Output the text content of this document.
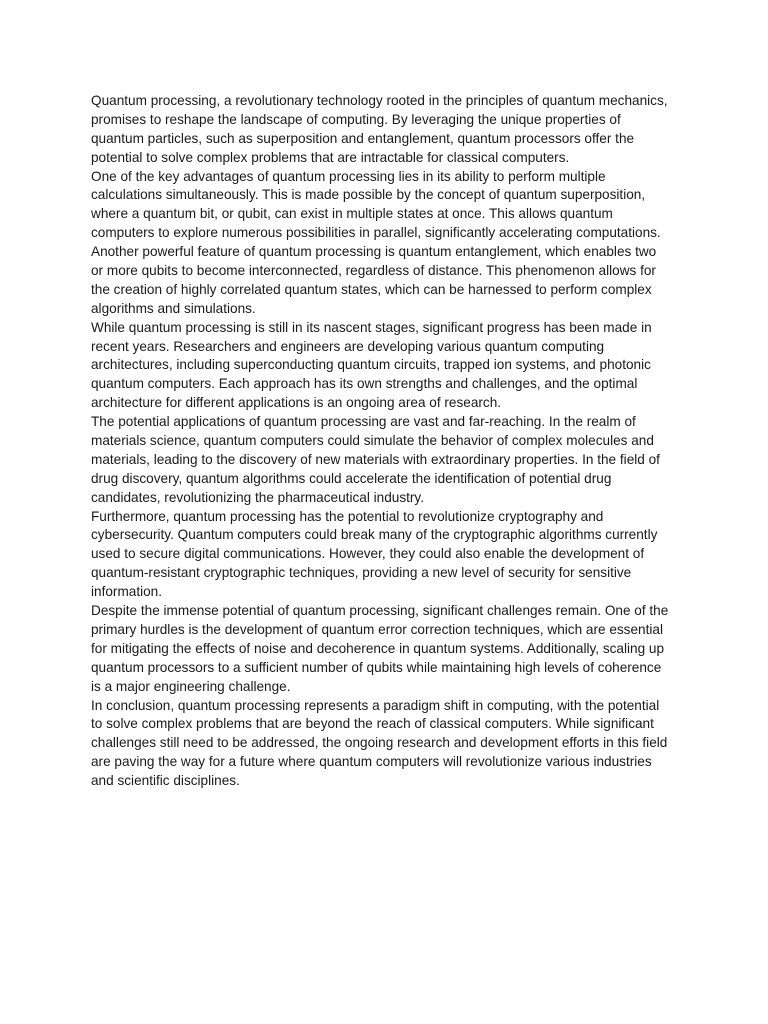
Quantum processing, a revolutionary technology rooted in the principles of quantum mechanics,
promises to reshape the landscape of computing. By leveraging the unique properties of
quantum particles, such as superposition and entanglement, quantum processors offer the
potential to solve complex problems that are intractable for classical computers.
One of the key advantages of quantum processing lies in its ability to perform multiple
calculations simultaneously. This is made possible by the concept of quantum superposition,
where a quantum bit, or qubit, can exist in multiple states at once. This allows quantum
computers to explore numerous possibilities in parallel, significantly accelerating computations.
Another powerful feature of quantum processing is quantum entanglement, which enables two
or more qubits to become interconnected, regardless of distance. This phenomenon allows for
the creation of highly correlated quantum states, which can be harnessed to perform complex
algorithms and simulations.
While quantum processing is still in its nascent stages, significant progress has been made in
recent years. Researchers and engineers are developing various quantum computing
architectures, including superconducting quantum circuits, trapped ion systems, and photonic
quantum computers. Each approach has its own strengths and challenges, and the optimal
architecture for different applications is an ongoing area of research.
The potential applications of quantum processing are vast and far-reaching. In the realm of
materials science, quantum computers could simulate the behavior of complex molecules and
materials, leading to the discovery of new materials with extraordinary properties. In the field of
drug discovery, quantum algorithms could accelerate the identification of potential drug
candidates, revolutionizing the pharmaceutical industry.
Furthermore, quantum processing has the potential to revolutionize cryptography and
cybersecurity. Quantum computers could break many of the cryptographic algorithms currently
used to secure digital communications. However, they could also enable the development of
quantum-resistant cryptographic techniques, providing a new level of security for sensitive
information.
Despite the immense potential of quantum processing, significant challenges remain. One of the
primary hurdles is the development of quantum error correction techniques, which are essential
for mitigating the effects of noise and decoherence in quantum systems. Additionally, scaling up
quantum processors to a sufficient number of qubits while maintaining high levels of coherence
is a major engineering challenge.
In conclusion, quantum processing represents a paradigm shift in computing, with the potential
to solve complex problems that are beyond the reach of classical computers. While significant
challenges still need to be addressed, the ongoing research and development efforts in this field
are paving the way for a future where quantum computers will revolutionize various industries
and scientific disciplines.
